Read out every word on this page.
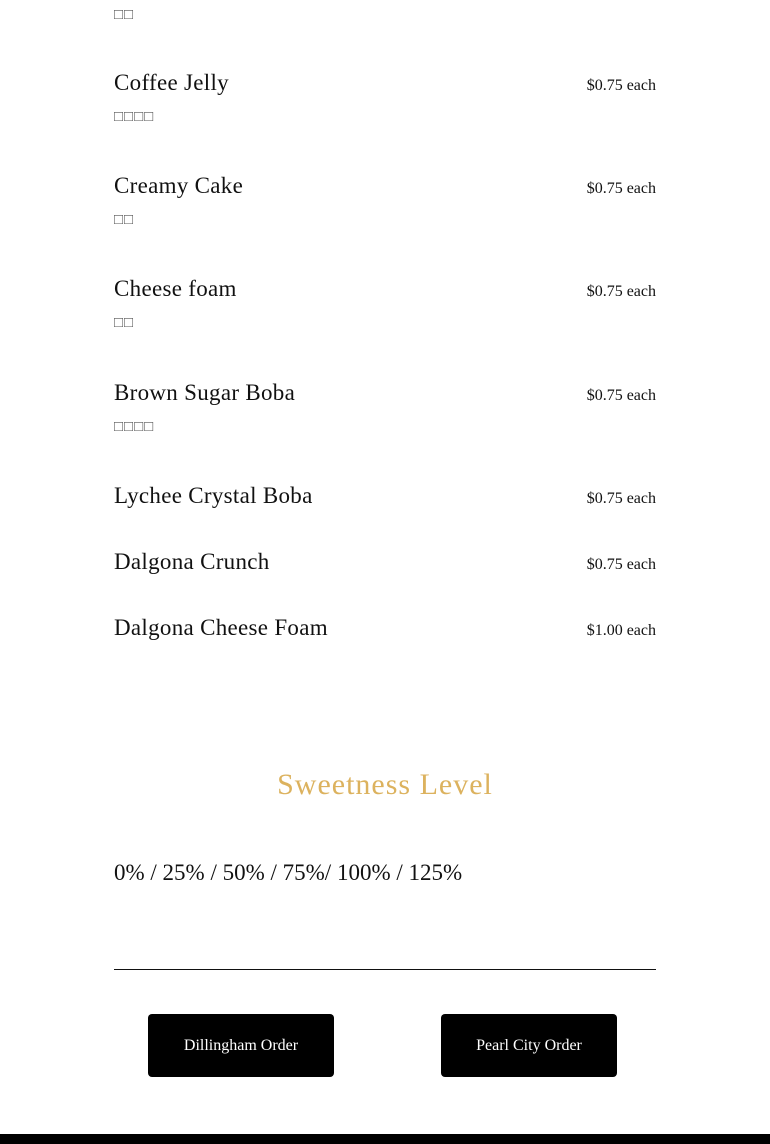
□□
Coffee Jelly	$0.75 each
□□□□
Creamy Cake	$0.75 each
□□
Cheese foam	$0.75 each
□□
Brown Sugar Boba	$0.75 each
□□□□
Lychee Crystal Boba	$0.75 each
Dalgona Crunch	$0.75 each
Dalgona Cheese Foam	$1.00 each
Sweetness Level
0% / 25% / 50% / 75%/ 100% / 125%
Dillingham Order	Pearl City Order
